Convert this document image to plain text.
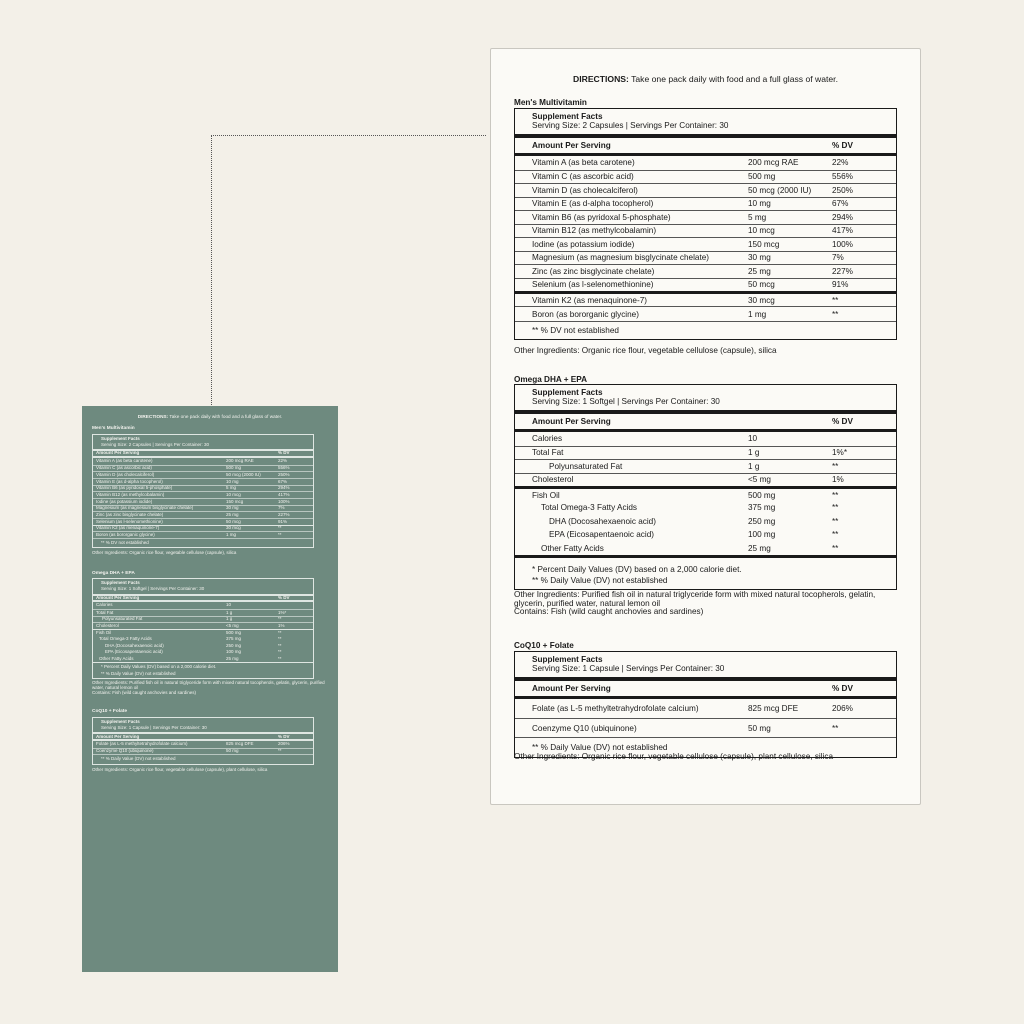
DIRECTIONS: Take one pack daily with food and a full glass of water.
Men's Multivitamin
Supplement Facts
Serving Size: 2 Capsules | Servings Per Container: 30
Amount Per Serving	% DV
Vitamin A (as beta carotene)	200 mcg RAE	22%
Vitamin C (as ascorbic acid)	500 mg	556%
Vitamin D (as cholecalciferol)	50 mcg (2000 IU)	250%
Vitamin E (as d-alpha tocopherol)	10 mg	67%
Vitamin B6 (as pyridoxal 5-phosphate)	5 mg	294%
Vitamin B12 (as methylcobalamin)	10 mcg	417%
Iodine (as potassium iodide)	150 mcg	100%
Magnesium (as magnesium bisglycinate chelate)	30 mg	7%
Zinc (as zinc bisglycinate chelate)	25 mg	227%
Selenium (as l-selenomethionine)	50 mcg	91%
Vitamin K2 (as menaquinone-7)	30 mcg	**
Boron (as bororganic glycine)	1 mg	**
** % DV not established
Other Ingredients: Organic rice flour, vegetable cellulose (capsule), silica
Omega DHA + EPA
Supplement Facts
Serving Size: 1 Softgel | Servings Per Container: 30
Amount Per Serving	% DV
Calories	10
Total Fat	1 g	1%*
Polyunsaturated Fat	1 g	**
Cholesterol	<5 mg	1%
Fish Oil	500 mg	**
Total Omega-3 Fatty Acids	375 mg	**
DHA (Docosahexaenoic acid)	250 mg	**
EPA (Eicosapentaenoic acid)	100 mg	**
Other Fatty Acids	25 mg	**
* Percent Daily Values (DV) based on a 2,000 calorie diet.
** % Daily Value (DV) not established
Other Ingredients: Purified fish oil in natural triglyceride form with mixed natural tocopherols, gelatin, glycerin, purified water, natural lemon oil
Contains: Fish (wild caught anchovies and sardines)
CoQ10 + Folate
Supplement Facts
Serving Size: 1 Capsule | Servings Per Container: 30
Amount Per Serving	% DV
Folate (as L-5 methyltetrahydrofolate calcium)	825 mcg DFE	206%
Coenzyme Q10 (ubiquinone)	50 mg	**
** % Daily Value (DV) not established
Other Ingredients: Organic rice flour, vegetable cellulose (capsule), plant cellulose, silica
DIRECTIONS: Take one pack daily with food and a full glass of water.
Men's Multivitamin
Supplement Facts
Serving Size: 2 Capsules | Servings Per Container: 30
Amount Per Serving	% DV
Vitamin A (as beta carotene)	200 mcg RAE	22%
Vitamin C (as ascorbic acid)	500 mg	556%
Vitamin D (as cholecalciferol)	50 mcg (2000 IU)	250%
Vitamin E (as d-alpha tocopherol)	10 mg	67%
Vitamin B6 (as pyridoxal 5-phosphate)	5 mg	294%
Vitamin B12 (as methylcobalamin)	10 mcg	417%
Iodine (as potassium iodide)	150 mcg	100%
Magnesium (as magnesium bisglycinate chelate)	30 mg	7%
Zinc (as zinc bisglycinate chelate)	25 mg	227%
Selenium (as l-selenomethionine)	50 mcg	91%
Vitamin K2 (as menaquinone-7)	30 mcg	**
Boron (as bororganic glycine)	1 mg	**
** % DV not established
Other Ingredients: Organic rice flour, vegetable cellulose (capsule), silica
Omega DHA + EPA
Supplement Facts
Serving Size: 1 Softgel | Servings Per Container: 30
Amount Per Serving	% DV
Calories	10
Total Fat	1 g	1%*
Polyunsaturated Fat	1 g	**
Cholesterol	<5 mg	1%
Fish Oil	500 mg	**
Total Omega-3 Fatty Acids	375 mg	**
DHA (Docosahexaenoic acid)	250 mg	**
EPA (Eicosapentaenoic acid)	100 mg	**
Other Fatty Acids	25 mg	**
* Percent Daily Values (DV) based on a 2,000 calorie diet.
** % Daily Value (DV) not established
Other Ingredients: Purified fish oil in natural triglyceride form with mixed natural tocopherols, gelatin, glycerin, purified water, natural lemon oil
Contains: Fish (wild caught anchovies and sardines)
CoQ10 + Folate
Supplement Facts
Serving Size: 1 Capsule | Servings Per Container: 30
Amount Per Serving	% DV
Folate (as L-5 methyltetrahydrofolate calcium)	825 mcg DFE	206%
Coenzyme Q10 (ubiquinone)	50 mg	**
** % Daily Value (DV) not established
Other Ingredients: Organic rice flour, vegetable cellulose (capsule), plant cellulose, silica
